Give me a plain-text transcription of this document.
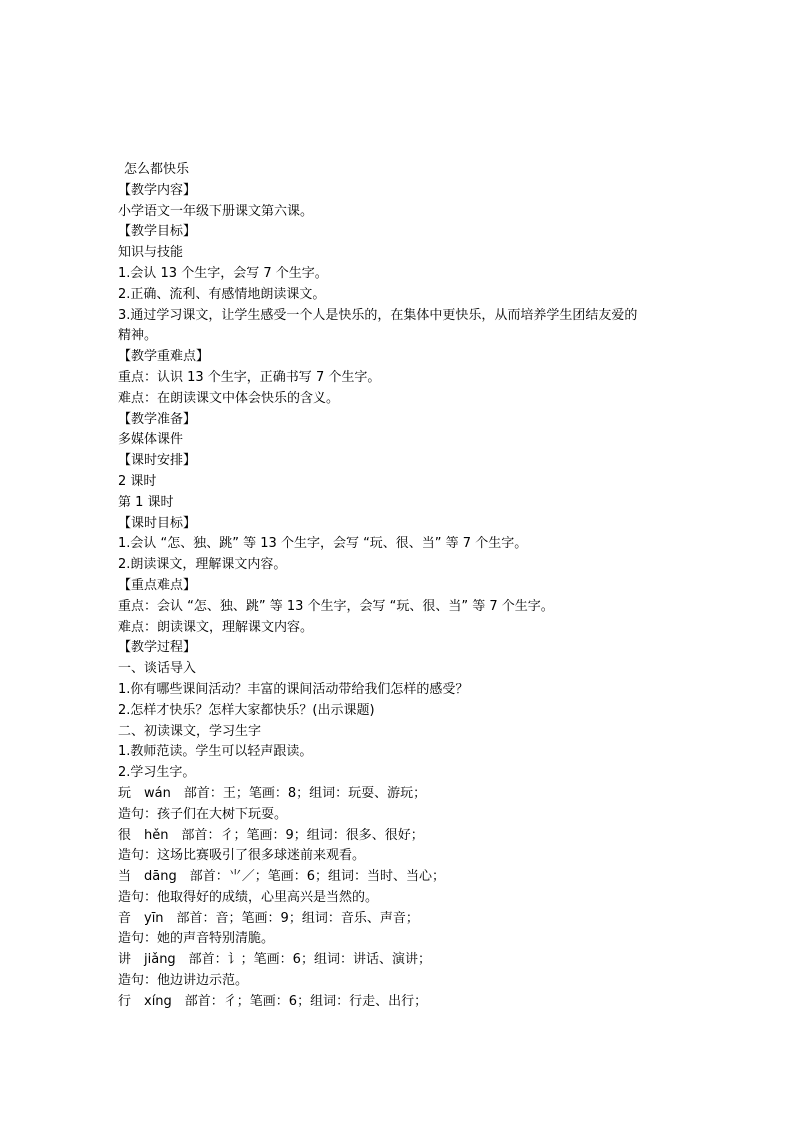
怎么都快乐
【教学内容】
小学语文一年级下册课文第六课。
【教学目标】
知识与技能
1.会认 13 个生字，会写 7 个生字。
2.正确、流利、有感情地朗读课文。
3.通过学习课文，让学生感受一个人是快乐的，在集体中更快乐，从而培养学生团结友爱的
精神。
【教学重难点】
重点：认识 13 个生字，正确书写 7 个生字。
难点：在朗读课文中体会快乐的含义。
【教学准备】
多媒体课件
【课时安排】
2 课时
第 1 课时
【课时目标】
1.会认 “怎、独、跳” 等 13 个生字，会写 “玩、很、当” 等 7 个生字。
2.朗读课文，理解课文内容。
【重点难点】
重点：会认 “怎、独、跳” 等 13 个生字，会写 “玩、很、当” 等 7 个生字。
难点：朗读课文，理解课文内容。
【教学过程】
一、谈话导入
1.你有哪些课间活动？丰富的课间活动带给我们怎样的感受？
2.怎样才快乐？怎样大家都快乐？(出示课题)
二、初读课文，学习生字
1.教师范读。学生可以轻声跟读。
2.学习生字。
玩　wán　部首：王；笔画：8；组词：玩耍、游玩；
造句：孩子们在大树下玩耍。
很　hěn　部首：彳；笔画：9；组词：很多、很好；
造句：这场比赛吸引了很多球迷前来观看。
当　dāng　部首：⺌／；笔画：6；组词：当时、当心；
造句：他取得好的成绩，心里高兴是当然的。
音　yīn　部首：音；笔画：9；组词：音乐、声音；
造句：她的声音特别清脆。
讲　jiǎng　部首：讠；笔画：6；组词：讲话、演讲；
造句：他边讲边示范。
行　xíng　部首：彳；笔画：6；组词：行走、出行；
